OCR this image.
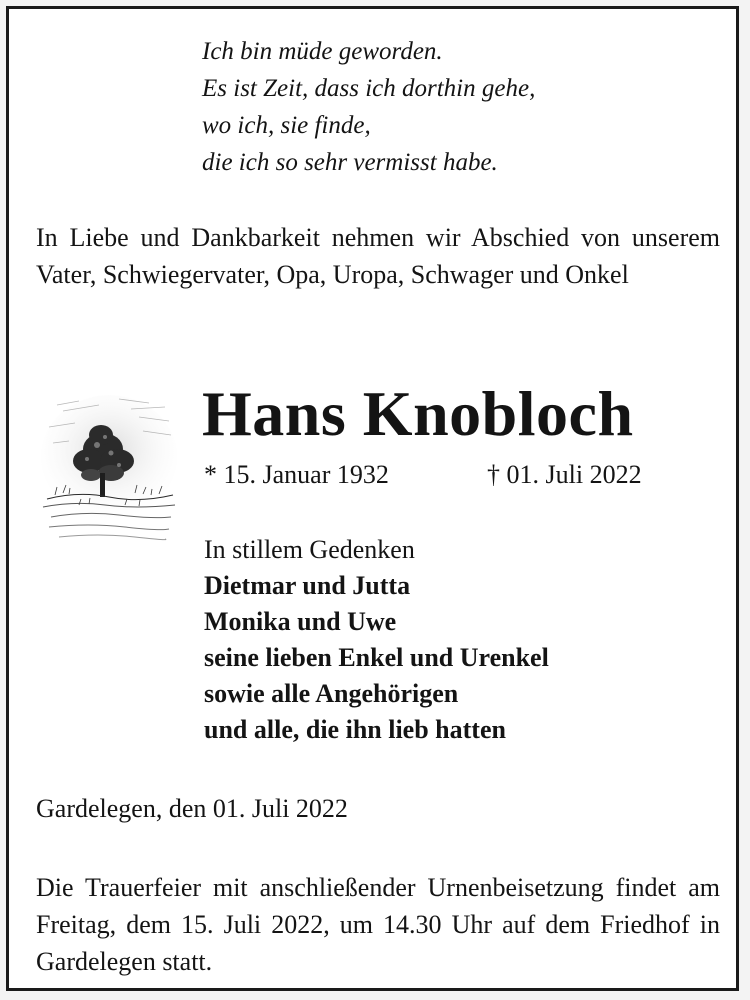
Ich bin müde geworden.
Es ist Zeit, dass ich dorthin gehe,
wo ich, sie finde,
die ich so sehr vermisst habe.
In Liebe und Dankbarkeit nehmen wir Abschied von unserem Vater, Schwiegervater, Opa, Uropa, Schwager und Onkel
Hans Knobloch
* 15. Januar 1932	† 01. Juli 2022
In stillem Gedenken
Dietmar und Jutta
Monika und Uwe
seine lieben Enkel und Urenkel
sowie alle Angehörigen
und alle, die ihn lieb hatten
Gardelegen, den 01. Juli 2022
Die Trauerfeier mit anschließender Urnenbeisetzung findet am Freitag, dem 15. Juli 2022, um 14.30 Uhr auf dem Friedhof in Gardelegen statt.
